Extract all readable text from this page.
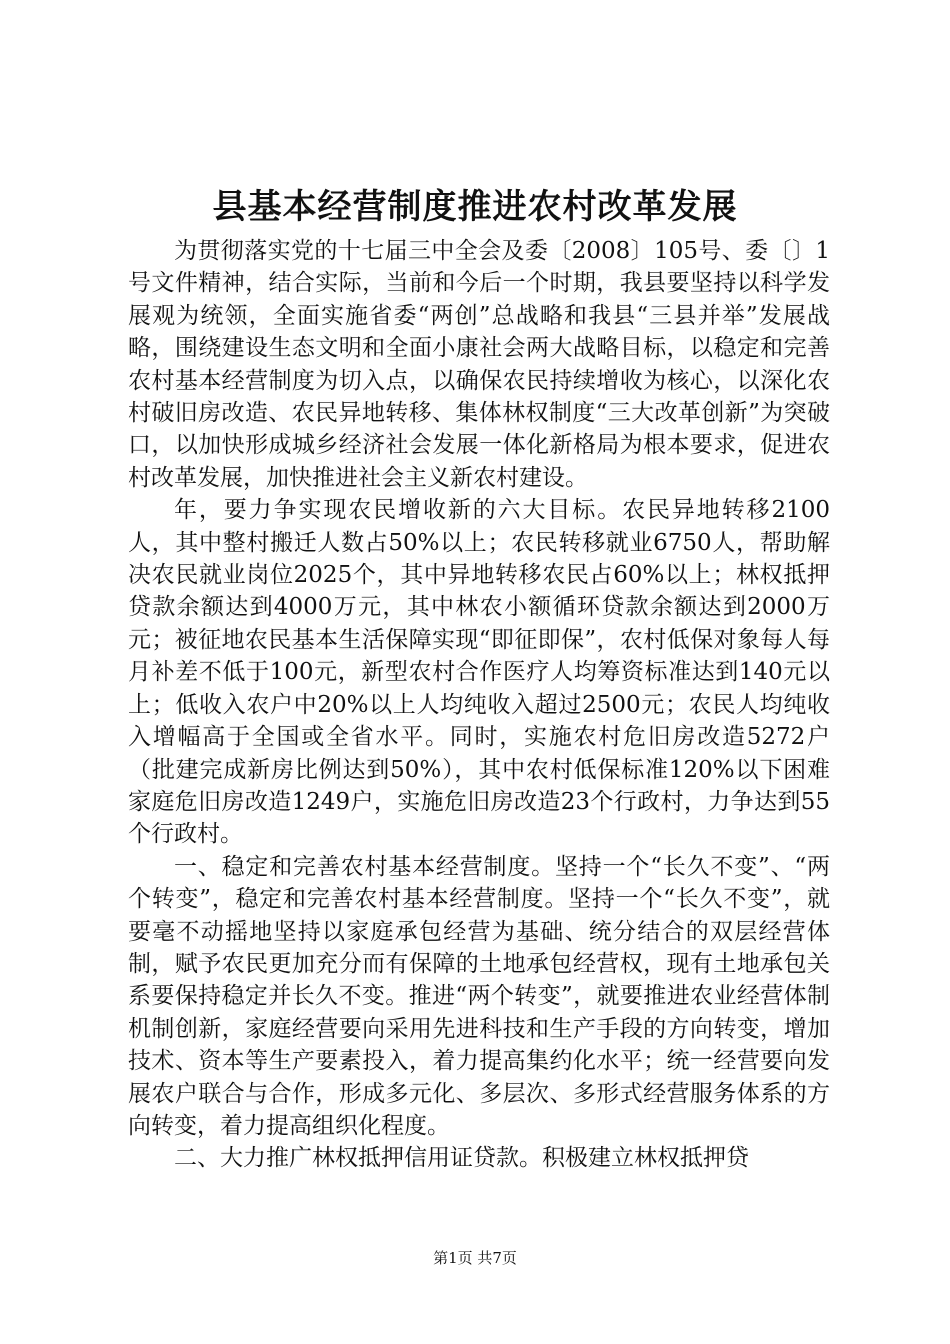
县基本经营制度推进农村改革发展

为贯彻落实党的十七届三中全会及委〔2008〕105号、委〔〕1号文件精神，结合实际，当前和今后一个时期，我县要坚持以科学发展观为统领，全面实施省委“两创”总战略和我县“三县并举”发展战略，围绕建设生态文明和全面小康社会两大战略目标，以稳定和完善农村基本经营制度为切入点，以确保农民持续增收为核心，以深化农村破旧房改造、农民异地转移、集体林权制度“三大改革创新”为突破口，以加快形成城乡经济社会发展一体化新格局为根本要求，促进农村改革发展，加快推进社会主义新农村建设。

年，要力争实现农民增收新的六大目标。农民异地转移2100人，其中整村搬迁人数占50%以上；农民转移就业6750人，帮助解决农民就业岗位2025个，其中异地转移农民占60%以上；林权抵押贷款余额达到4000万元，其中林农小额循环贷款余额达到2000万元；被征地农民基本生活保障实现“即征即保”，农村低保对象每人每月补差不低于100元，新型农村合作医疗人均筹资标准达到140元以上；低收入农户中20%以上人均纯收入超过2500元；农民人均纯收入增幅高于全国或全省水平。同时，实施农村危旧房改造5272户（批建完成新房比例达到50%），其中农村低保标准120%以下困难家庭危旧房改造1249户，实施危旧房改造23个行政村，力争达到55个行政村。

一、稳定和完善农村基本经营制度。坚持一个“长久不变”、“两个转变”，稳定和完善农村基本经营制度。坚持一个“长久不变”，就要毫不动摇地坚持以家庭承包经营为基础、统分结合的双层经营体制，赋予农民更加充分而有保障的土地承包经营权，现有土地承包关系要保持稳定并长久不变。推进“两个转变”，就要推进农业经营体制机制创新，家庭经营要向采用先进科技和生产手段的方向转变，增加技术、资本等生产要素投入，着力提高集约化水平；统一经营要向发展农户联合与合作，形成多元化、多层次、多形式经营服务体系的方向转变，着力提高组织化程度。

二、大力推广林权抵押信用证贷款。积极建立林权抵押贷

第1页 共7页
